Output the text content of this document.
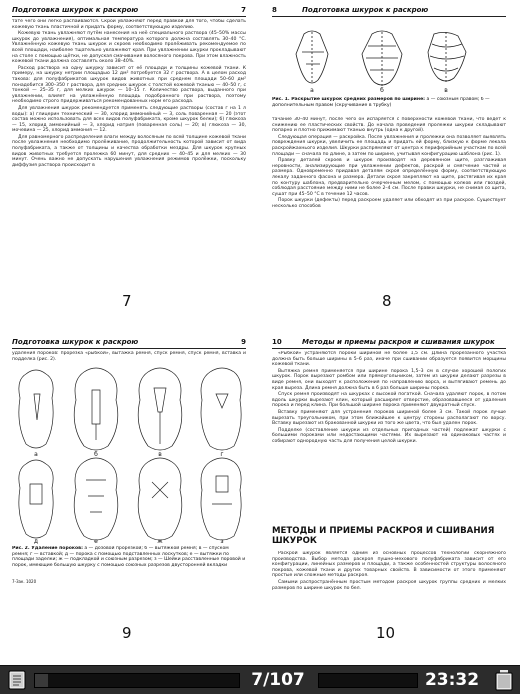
Подготовка шкурок к раскрою	7

тате чего они легко распаиваются. Скрои увлажняют перед правкой для того, чтобы сделать кожевую ткань пластичной и придать форму, соответствующую изделию.

Кожевую ткань увлажняют путём нанесения на неё специального раствора (45–50% массы шкурок до увлажнения), оптимальная температура которого должна составлять 30–40 °С. Увлажнённую кожевую ткань шкурок и скроев необходимо пролёживать рекомендуемое по всей площади, наиболее тщательно увлажняют края. При увлажнении шкурки прокладывают на столе с помощью щётки, не допуская смачивания волосяного покрова. При этом влажность кожевой ткани должна составлять около 38–40%.

Расход раствора на одну шкурку зависит от её площади и толщины кожевой ткани. К примеру, на шкурку нетрии площадью 12 дм² потребуется 32 г раствора. А в целом расход такова: для полуфабрикатов шкурок видов животных при среднем площади 50–60 дм² понадобится 300–350 г раствора, для средних шкурок с толстой кожевой тканью — 40–50 г, с тонкой — 25–35 г, для мелких шкурок — 10–15 г. Количество раствора, выданного при увлажнении, влияет на увлажнённую площадь подобранного при раствора, поэтому необходимо строго придерживаться рекомендованных норм его расхода.

Для увлажнения шкурок рекомендуется применять следующие растворы (состав г на 1 л воды): а) глицерин технический — 30, хлорид аммонийный — 3, соль поваренная — 20 (этот состав можно использовать для всех видов полуфабриката, кроме шкурок белки); б) глюкоза — 15, хлорид аммонийный — 3, хлорид натрия (поваренная соль) — 20; в) глюкоза — 30, мочевина — 25, хлорид аммония — 12.

Для равномерного распределения влаги между волосяным по всей толщине кожевой ткани после увлажнения необходимо пролёживание, продолжительность которой зависит от вида полуфабриката, а также от толщины и качества обработки мездры. Для шкурок крупных видов животных требуется пролежка 60 минут, для средних — 40–45 и для мелких — 30 минут. Очень важно не допускать нарушения увлажнения режимов пролёжки, поскольку диффузия раствора происходит в

7
8	Подготовка шкурок к раскрою
а	б	в
Рис. 1. Раскрытие шкурок средних размеров по ширине: а — союзным правом; б — дополнительным правом (скручивание в трубку)

тачание 30–40 минут, после чего он испаряется с поверхности кожевой ткани, что ведёт к снижению ее пластических свойств. До начала проведения пролежки шкурки складывают попарно и плотно прижимают тканью внутрь (одна к другой).

Следующая операция — раскройка. После увлажнения и пролежки она позволяет выявлять повреждения шкурки, увеличить ее площадь и придать ей форму, близкую к форме лекала раскройжахнього изделия. Шкурки распрямляют от центра к периферийным участкам по всей площади — сначала по длине, а затем по ширине, учитывая конфигурацию шаблона (рис. 1).

Правку деталей скроев и шкурок производят на деревянном щите, разглаживая неровности, анализирующие при увлажнении дефектов, раскрой и смягчение частей и размера. Одновременно придавая деталям скроя определённую форму, соответствующую лекалу заданного фасона и размера. Детали скроя закрепляют на щите, растягивая их края по контуру шаблона, предварительно очерченным мелом, с помощью колков или гвоздей, соблюдая расстояние между ними не более 2–4 см. После правки шкурки, не снимая со щита, сушат при 45–50 °С в течение 12 часов.

Порок шкурки (дефекты) перед раскроем удаляет или обходят из при раскрое. Существует несколько способов

8
Подготовка шкурок к раскрою	9

удаления пороков: прорезка «рыбкой», вытажка ремня, спуск ремня, спуск ремня, вставка и подделка (рис. 2).

а	б	в	г
д	е	ж	з
Рис. 2. Удаление пороков: а — дозовой прорезкой; б — вытяжкой ремня; в — спуском ремня; г — вставкой; д — порока с помощью подставленных лоскутков; е — вытяжки по площади заделки; ж — подкладкой и союзным разрезом; з — Шейки расставленные поровой и порок, имеющие большую шкурку с помощью союзных разрезов двусторонней вкладки
7-Зак. 1020
9
10	Методы и приемы раскроя и сшивания шкурок

«Рыбкой» устраняются пороки шириной не более 1,5 см. Длина прорезанного участка должна быть больше ширины в 5–6 раз, иначе при сшивании образуется появится морщины кожевой ткани.

Вытяжка ремня применяется при ширине порока 1,5–3 см в случае хорошей пологих шкурок. Порок вырезают ромбом или прямоугольником, затем из шкурки делают разрезы в виде ремня, они выходят к расположения по направлению ворса, и вытягивают ремень до края выреза. Длина ремня должна быть в 6 раз больше ширины порока.

Спуск ремня производят на шкурках с высокой погаткой. Сначала удаляют порок, в потом вдоль шкурки вырезают клин, который расширяет отверстие, образовавшееся от удаления порока и перед клина. При большой ширине порока применяют двукратный спуск.

Вставку применяют для устранения пороков шириной более 3 см. Такой порок лучше вырезать треугольником, при этом ближайшее к центру стороны располагают по ворсу. Вставку вырезают из бракованной шкурки из того же цвета, что был удален порок.

Подделке (составление шкурки из отдельных пригодных частей) подлежат шкурки с большими пороками или недостающими частями. Их вырезают на одинаковых частях и собирают однородную часть для получения целой шкурки.

МЕТОДЫ И ПРИЕМЫ РАСКРОЯ И СШИВАНИЯ ШКУРОК

Раскрой шкурок является одним из основных процессов технологии скорняжного производства. Выбор метода раскроя пушно-мехового полуфабриката зависит от его конфигурации, линейных размеров и площади, а также особенностей структуры волосяного покрова, кожевой ткани и других товарных свойств. В зависимости от этого применяют простые или сложные методы раскроя.

Самыми распространённым простым методом раскроя шкурок группы средних и мелких размеров по ширине шкурок по бел.

10
7/107	23:32
